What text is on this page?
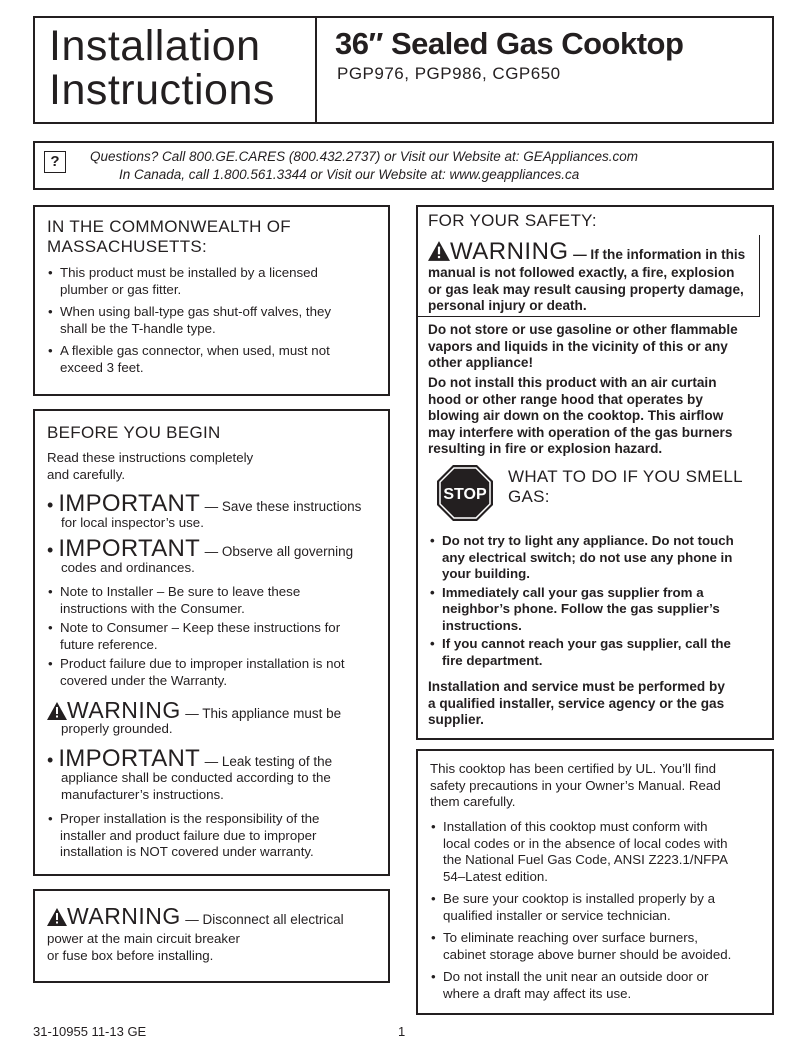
Installation
Instructions
36″ Sealed Gas Cooktop
PGP976, PGP986, CGP650
?	Questions? Call 800.GE.CARES (800.432.2737) or Visit our Website at: GEAppliances.com
In Canada, call 1.800.561.3344 or Visit our Website at: www.geappliances.ca
IN THE COMMONWEALTH OF
MASSACHUSETTS:
• This product must be installed by a licensed
plumber or gas fitter.
• When using ball-type gas shut-off valves, they
shall be the T-handle type.
• A flexible gas connector, when used, must not
exceed 3 feet.
BEFORE YOU BEGIN
Read these instructions completely
and carefully.
• IMPORTANT — Save these instructions
for local inspector’s use.
• IMPORTANT — Observe all governing
codes and ordinances.
• Note to Installer – Be sure to leave these
instructions with the Consumer.
• Note to Consumer – Keep these instructions for
future reference.
• Product failure due to improper installation is not
covered under the Warranty.
WARNING — This appliance must be
properly grounded.
• IMPORTANT — Leak testing of the
appliance shall be conducted according to the
manufacturer’s instructions.
• Proper installation is the responsibility of the
installer and product failure due to improper
installation is NOT covered under warranty.
WARNING — Disconnect all electrical
power at the main circuit breaker
or fuse box before installing.
FOR YOUR SAFETY:
WARNING — If the information in this
manual is not followed exactly, a fire, explosion
or gas leak may result causing property damage,
personal injury or death.
Do not store or use gasoline or other flammable
vapors and liquids in the vicinity of this or any
other appliance!
Do not install this product with an air curtain
hood or other range hood that operates by
blowing air down on the cooktop. This airflow
may interfere with operation of the gas burners
resulting in fire or explosion hazard.
STOP
WHAT TO DO IF YOU SMELL
GAS:
• Do not try to light any appliance. Do not touch
any electrical switch; do not use any phone in
your building.
• Immediately call your gas supplier from a
neighbor’s phone. Follow the gas supplier’s
instructions.
• If you cannot reach your gas supplier, call the
fire department.
Installation and service must be performed by
a qualified installer, service agency or the gas
supplier.
This cooktop has been certified by UL. You’ll find
safety precautions in your Owner’s Manual. Read
them carefully.
• Installation of this cooktop must conform with
local codes or in the absence of local codes with
the National Fuel Gas Code, ANSI Z223.1/NFPA
54–Latest edition.
• Be sure your cooktop is installed properly by a
qualified installer or service technician.
• To eliminate reaching over surface burners,
cabinet storage above burner should be avoided.
• Do not install the unit near an outside door or
where a draft may affect its use.
31-10955 11-13 GE	1
